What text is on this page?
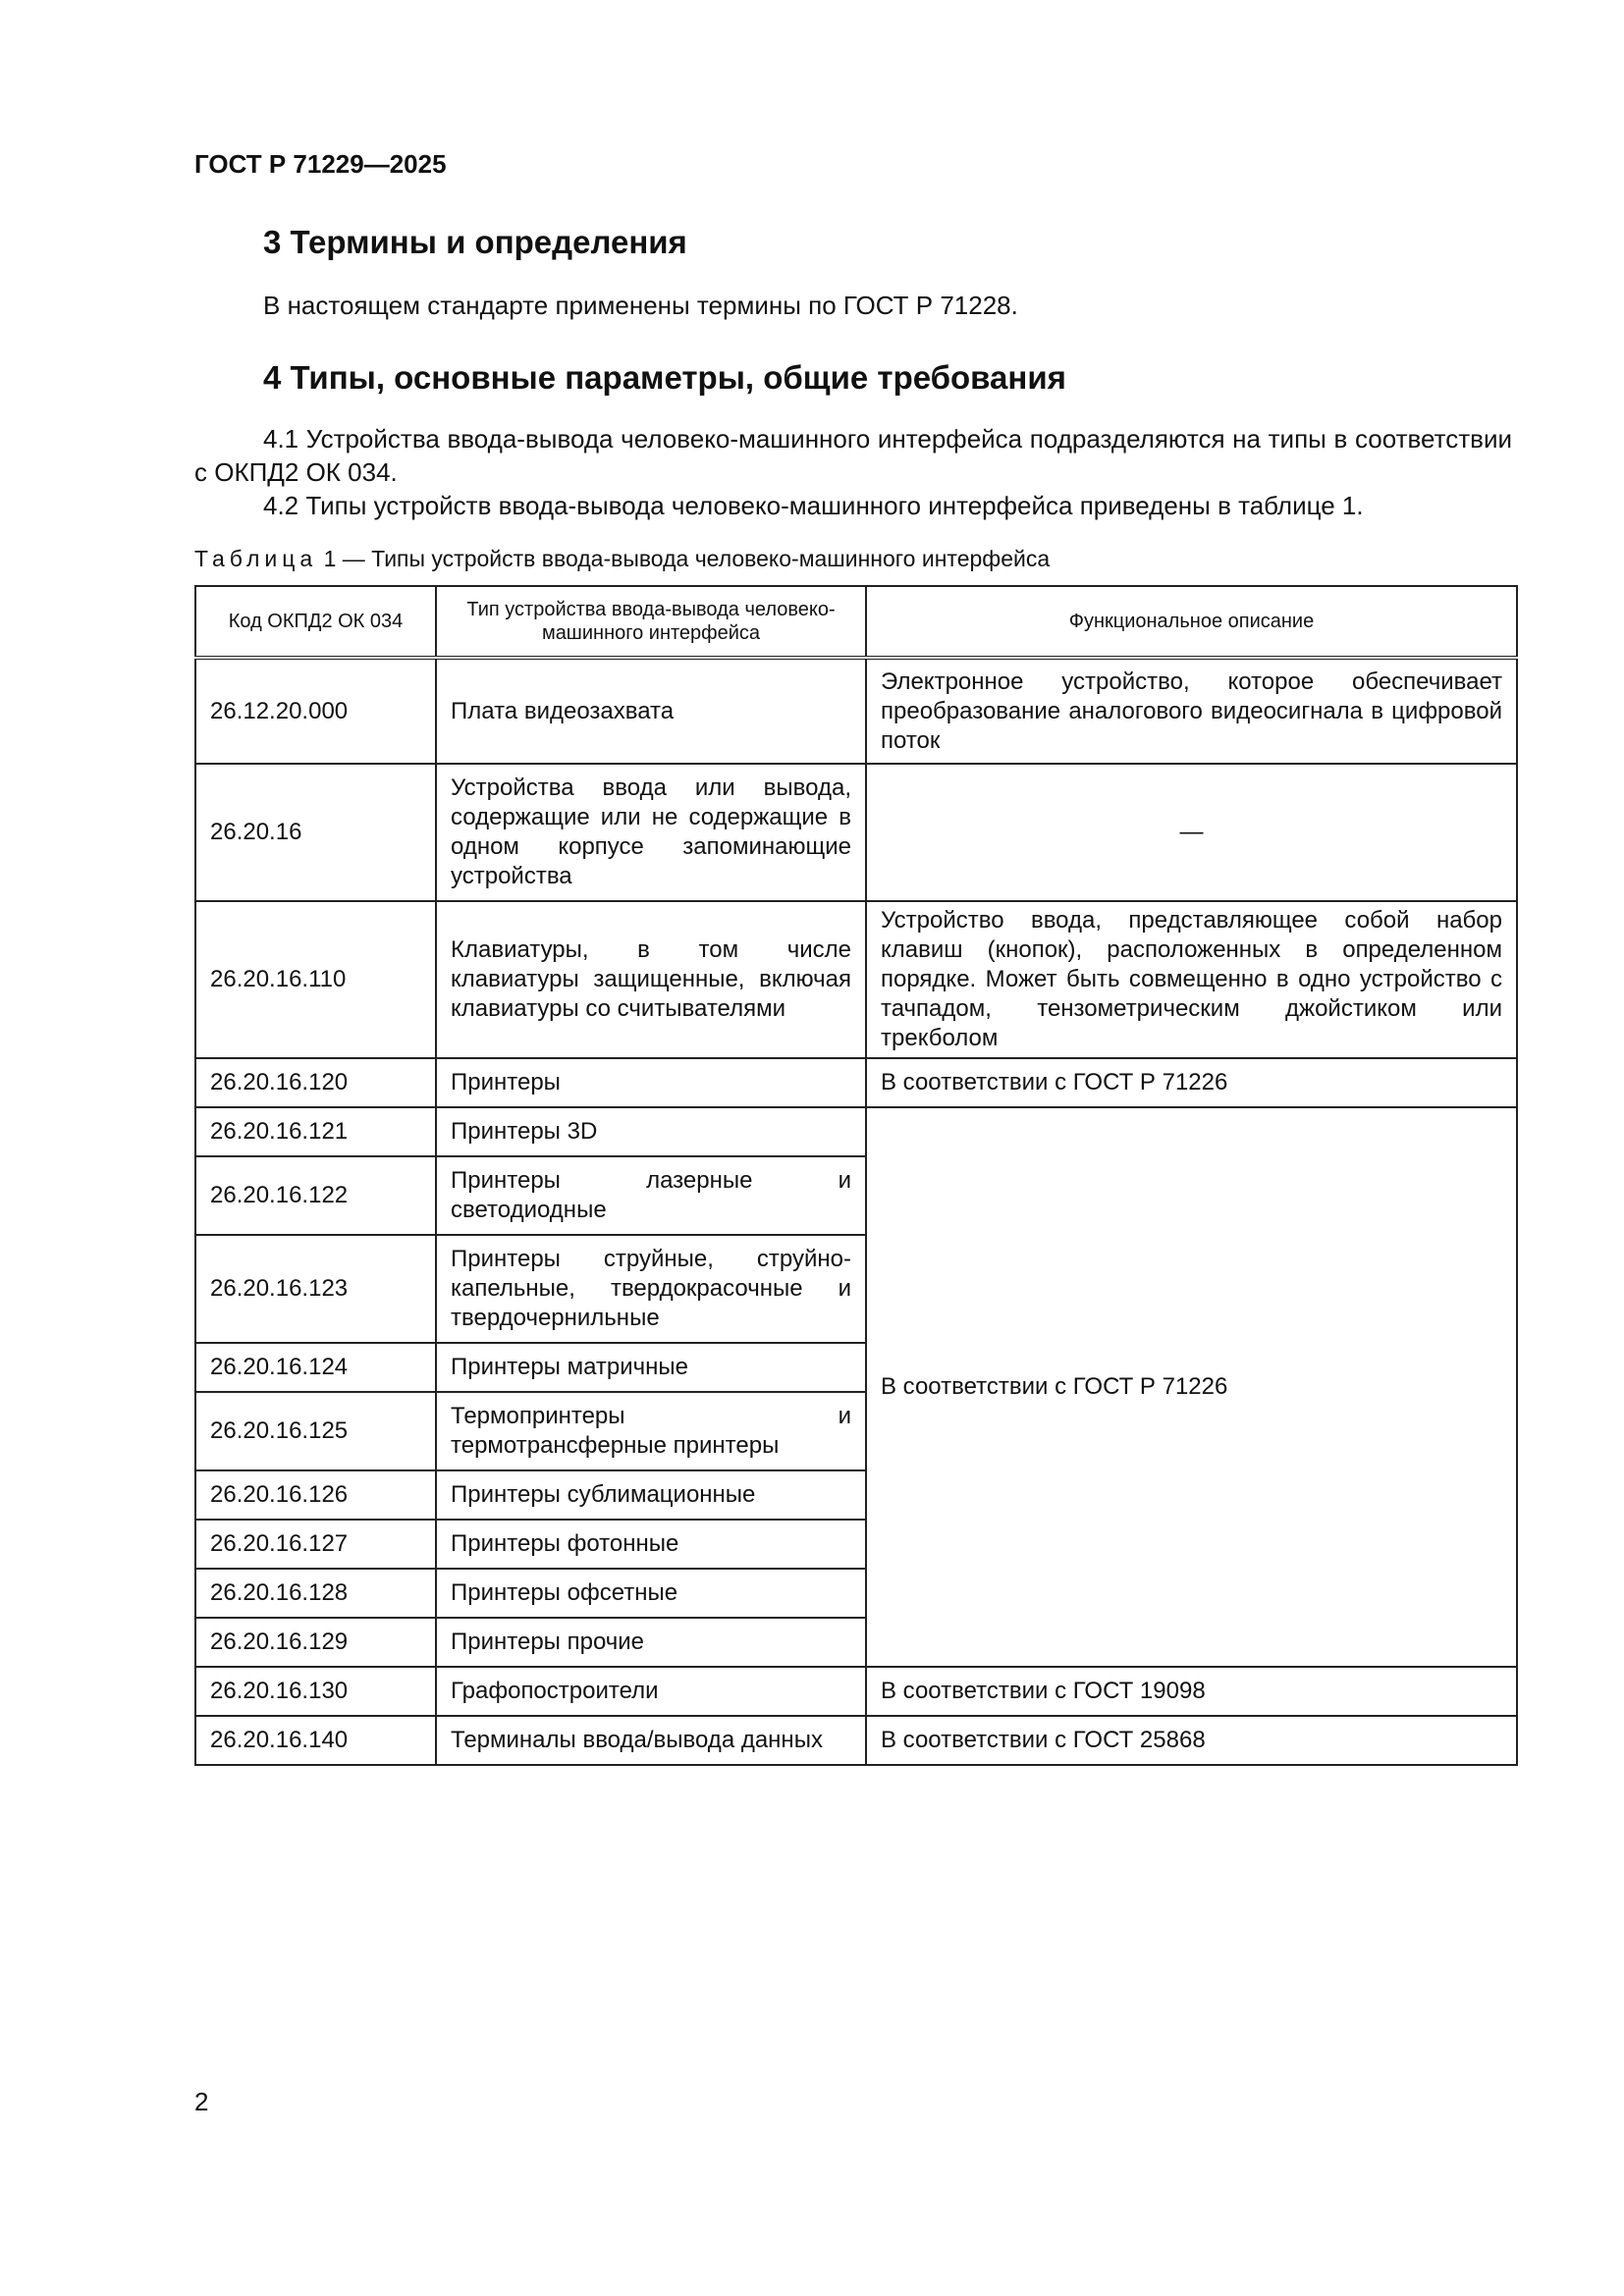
ГОСТ Р 71229—2025
3 Термины и определения
В настоящем стандарте применены термины по ГОСТ Р 71228.
4 Типы, основные параметры, общие требования
4.1 Устройства ввода-вывода человеко-машинного интерфейса подразделяются на типы в соответствии с ОКПД2 ОК 034.
4.2 Типы устройств ввода-вывода человеко-машинного интерфейса приведены в таблице 1.
Таблица 1 — Типы устройств ввода-вывода человеко-машинного интерфейса
Код ОКПД2 ОК 034	Тип устройства ввода-вывода человеко-машинного интерфейса	Функциональное описание
26.12.20.000	Плата видеозахвата	Электронное устройство, которое обеспечивает преобразование аналогового видеосигнала в цифровой поток
26.20.16	Устройства ввода или вывода, содержащие или не содержащие в одном корпусе запоминающие устройства	—
26.20.16.110	Клавиатуры, в том числе клавиатуры защищенные, включая клавиатуры со считывателями	Устройство ввода, представляющее собой набор клавиш (кнопок), расположенных в определенном порядке. Может быть совмещенно в одно устройство с тачпадом, тензометрическим джойстиком или трекболом
26.20.16.120	Принтеры	В соответствии с ГОСТ Р 71226
26.20.16.121	Принтеры 3D	В соответствии с ГОСТ Р 71226
26.20.16.122	Принтеры лазерные и светодиодные	
26.20.16.123	Принтеры струйные, струйно-капельные, твердокрасочные и твердочернильные	
26.20.16.124	Принтеры матричные	
26.20.16.125	Термопринтеры и термотрансферные принтеры	
26.20.16.126	Принтеры сублимационные	
26.20.16.127	Принтеры фотонные	
26.20.16.128	Принтеры офсетные	
26.20.16.129	Принтеры прочие	
26.20.16.130	Графопостроители	В соответствии с ГОСТ 19098
26.20.16.140	Терминалы ввода/вывода данных	В соответствии с ГОСТ 25868
2
